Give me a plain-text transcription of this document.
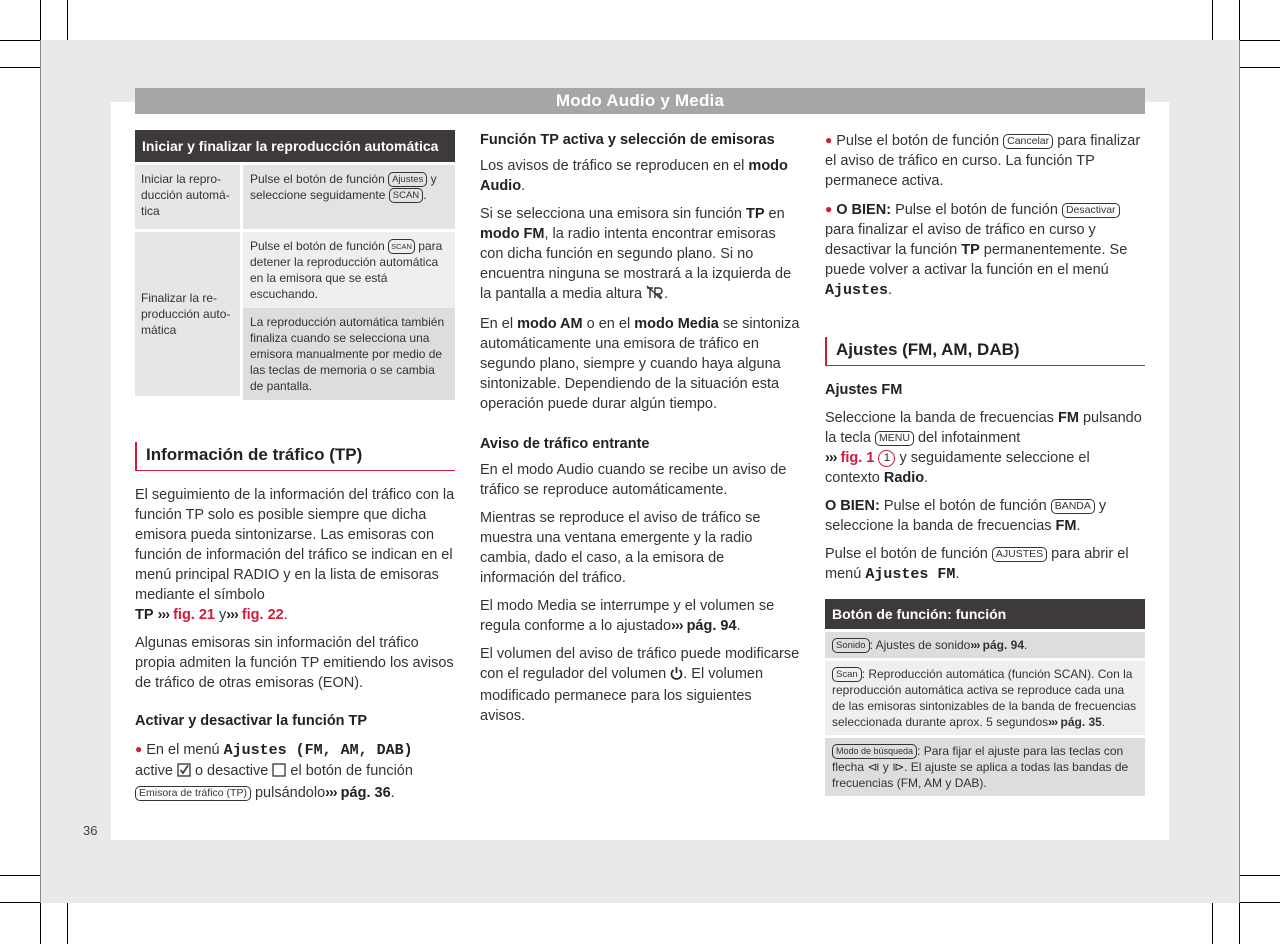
Modo Audio y Media
36
Iniciar y finalizar la reproducción automática
Iniciar la repro-
ducción automá-
tica
Pulse el botón de función Ajustes y seleccione seguidamente SCAN .
Finalizar la re-
producción auto-
mática
Pulse el botón de función SCAN para detener la reproducción automática en la emisora que se está escuchando.
La reproducción automática también finaliza cuando se selecciona una emisora manualmente por medio de las teclas de memoria o se cambia de pantalla.
Información de tráfico (TP)

El seguimiento de la información del tráfico con la función TP solo es posible siempre que dicha emisora pueda sintonizarse. Las emisoras con función de información del tráfico se indican en el menú principal RADIO y en la lista de emisoras mediante el símbolo
TP ››› fig. 21 y››› fig. 22.

Algunas emisoras sin información del tráfico propia admiten la función TP emitiendo los avisos de tráfico de otras emisoras (EON).

Activar y desactivar la función TP

● En el menú Ajustes (FM, AM, DAB)
active o desactive el botón de función
Emisora de tráfico (TP) pulsándolo››› pág. 36.

Función TP activa y selección de emisoras

Los avisos de tráfico se reproducen en el modo Audio.

Si se selecciona una emisora sin función TP en modo FM, la radio intenta encontrar emisoras con dicha función en segundo plano. Si no encuentra ninguna se mostrará a la izquierda de la pantalla a media altura .

En el modo AM o en el modo Media se sintoniza automáticamente una emisora de tráfico en segundo plano, siempre y cuando haya alguna sintonizable. Dependiendo de la situación esta operación puede durar algún tiempo.

Aviso de tráfico entrante

En el modo Audio cuando se recibe un aviso de tráfico se reproduce automáticamente.

Mientras se reproduce el aviso de tráfico se muestra una ventana emergente y la radio cambia, dado el caso, a la emisora de información del tráfico.

El modo Media se interrumpe y el volumen se regula conforme a lo ajustado››› pág. 94.

El volumen del aviso de tráfico puede modificarse con el regulador del volumen . El volumen modificado permanece para los siguientes avisos.

● Pulse el botón de función Cancelar para finalizar el aviso de tráfico en curso. La función TP permanece activa.

● O BIEN: Pulse el botón de función Desactivar para finalizar el aviso de tráfico en curso y desactivar la función TP permanentemente. Se puede volver a activar la función en el menú Ajustes.

Ajustes (FM, AM, DAB)
Ajustes FM

Seleccione la banda de frecuencias FM pulsando la tecla MENU del infotainment
››› fig. 1 1 y seguidamente seleccione el contexto Radio.

O BIEN: Pulse el botón de función BANDA y seleccione la banda de frecuencias FM.

Pulse el botón de función AJUSTES para abrir el menú Ajustes FM.

Botón de función: función
Sonido : Ajustes de sonido››› pág. 94.
Scan : Reproducción automática (función SCAN). Con la reproducción automática activa se reproduce cada una de las emisoras sintonizables de la banda de frecuencias seleccionada durante aprox. 5 segundos››› pág. 35.
Modo de búsqueda : Para fijar el ajuste para las teclas con flecha ⧏ y ⧐. El ajuste se aplica a todas las bandas de frecuencias (FM, AM y DAB).
